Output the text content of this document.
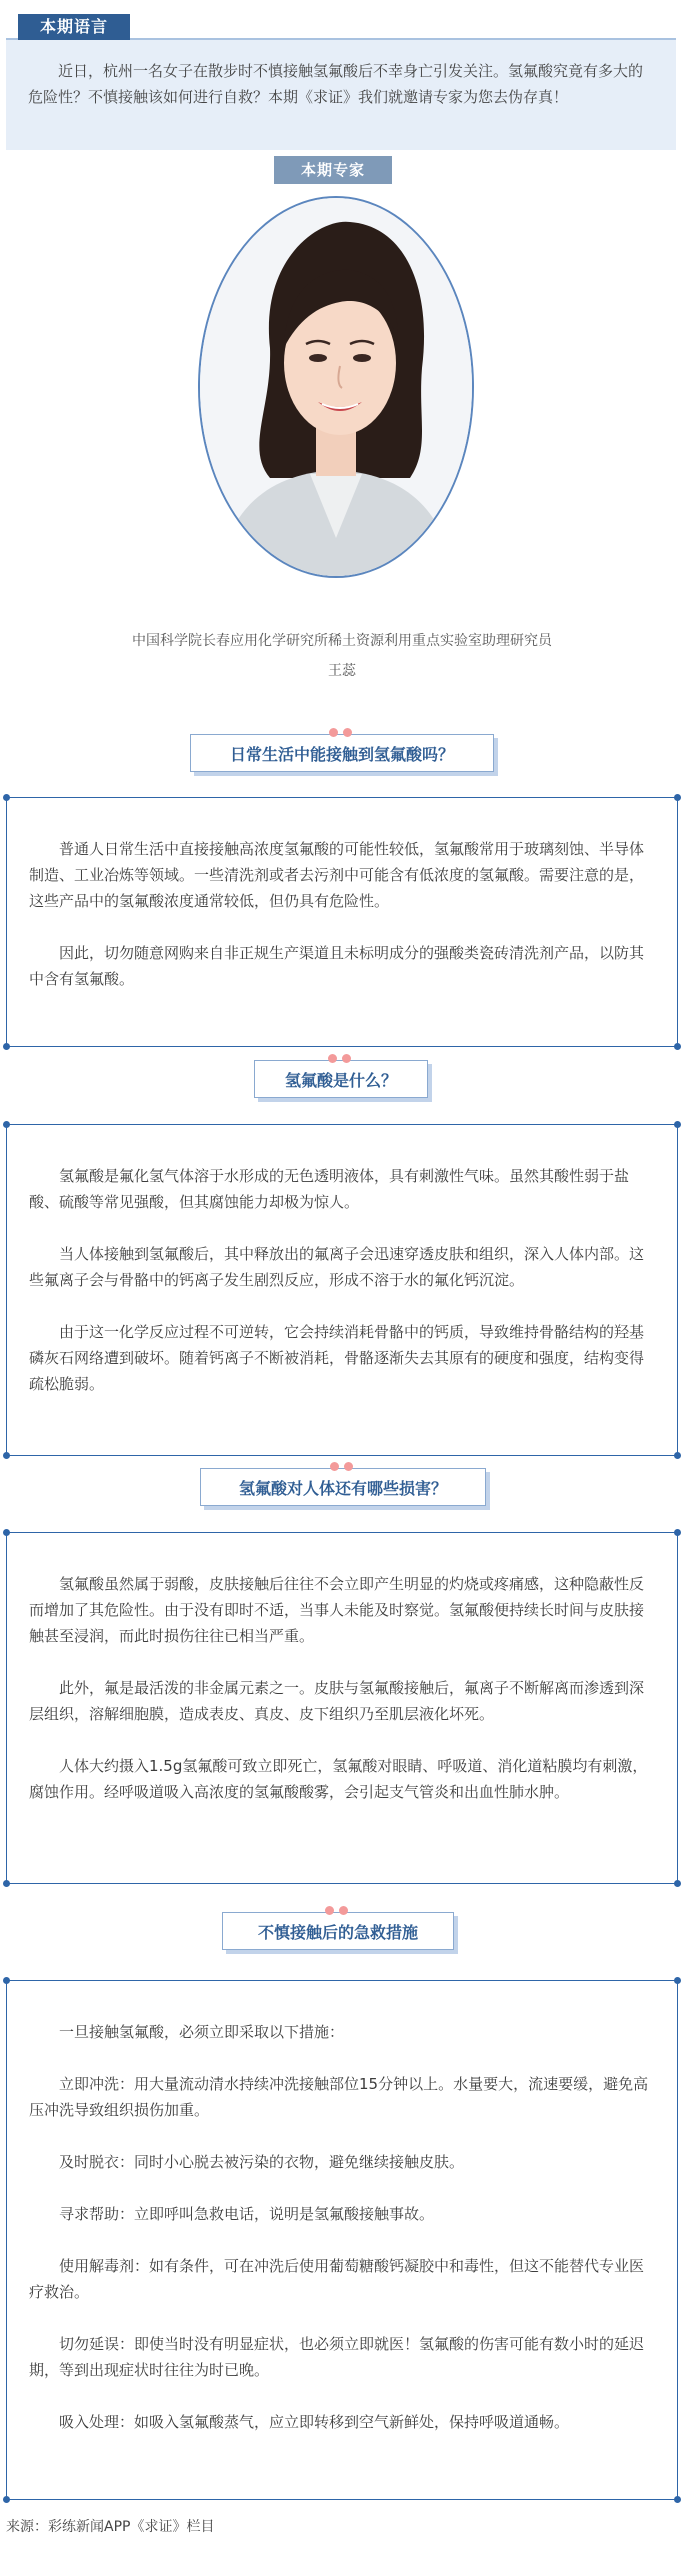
近日，杭州一名女子在散步时不慎接触氢氟酸后不幸身亡引发关注。氢氟酸究竟有多大的危险性？不慎接触该如何进行自救？本期《求证》我们就邀请专家为您去伪存真！

本期语言
本期专家
中国科学院长春应用化学研究所稀土资源利用重点实验室助理研究员
王蕊

普通人日常生活中直接接触高浓度氢氟酸的可能性较低，氢氟酸常用于玻璃刻蚀、半导体制造、工业冶炼等领域。一些清洗剂或者去污剂中可能含有低浓度的氢氟酸。需要注意的是，这些产品中的氢氟酸浓度通常较低，但仍具有危险性。

因此，切勿随意网购来自非正规生产渠道且未标明成分的强酸类瓷砖清洗剂产品，以防其中含有氢氟酸。

日常生活中能接触到氢氟酸吗？

氢氟酸是氟化氢气体溶于水形成的无色透明液体，具有刺激性气味。虽然其酸性弱于盐酸、硫酸等常见强酸，但其腐蚀能力却极为惊人。

当人体接触到氢氟酸后，其中释放出的氟离子会迅速穿透皮肤和组织，深入人体内部。这些氟离子会与骨骼中的钙离子发生剧烈反应，形成不溶于水的氟化钙沉淀。

由于这一化学反应过程不可逆转，它会持续消耗骨骼中的钙质，导致维持骨骼结构的羟基磷灰石网络遭到破坏。随着钙离子不断被消耗，骨骼逐渐失去其原有的硬度和强度，结构变得疏松脆弱。

氢氟酸是什么？

氢氟酸虽然属于弱酸，皮肤接触后往往不会立即产生明显的灼烧或疼痛感，这种隐蔽性反而增加了其危险性。由于没有即时不适，当事人未能及时察觉。氢氟酸便持续长时间与皮肤接触甚至浸润，而此时损伤往往已相当严重。

此外，氟是最活泼的非金属元素之一。皮肤与氢氟酸接触后，氟离子不断解离而渗透到深层组织，溶解细胞膜，造成表皮、真皮、皮下组织乃至肌层液化坏死。

人体大约摄入1.5g氢氟酸可致立即死亡，氢氟酸对眼睛、呼吸道、消化道粘膜均有刺激，腐蚀作用。经呼吸道吸入高浓度的氢氟酸酸雾，会引起支气管炎和出血性肺水肿。

氢氟酸对人体还有哪些损害？

一旦接触氢氟酸，必须立即采取以下措施：

立即冲洗：用大量流动清水持续冲洗接触部位15分钟以上。水量要大，流速要缓，避免高压冲洗导致组织损伤加重。

及时脱衣：同时小心脱去被污染的衣物，避免继续接触皮肤。

寻求帮助：立即呼叫急救电话，说明是氢氟酸接触事故。

使用解毒剂：如有条件，可在冲洗后使用葡萄糖酸钙凝胶中和毒性，但这不能替代专业医疗救治。

切勿延误：即使当时没有明显症状，也必须立即就医！氢氟酸的伤害可能有数小时的延迟期，等到出现症状时往往为时已晚。

吸入处理：如吸入氢氟酸蒸气，应立即转移到空气新鲜处，保持呼吸道通畅。

不慎接触后的急救措施
来源：彩练新闻APP《求证》栏目
